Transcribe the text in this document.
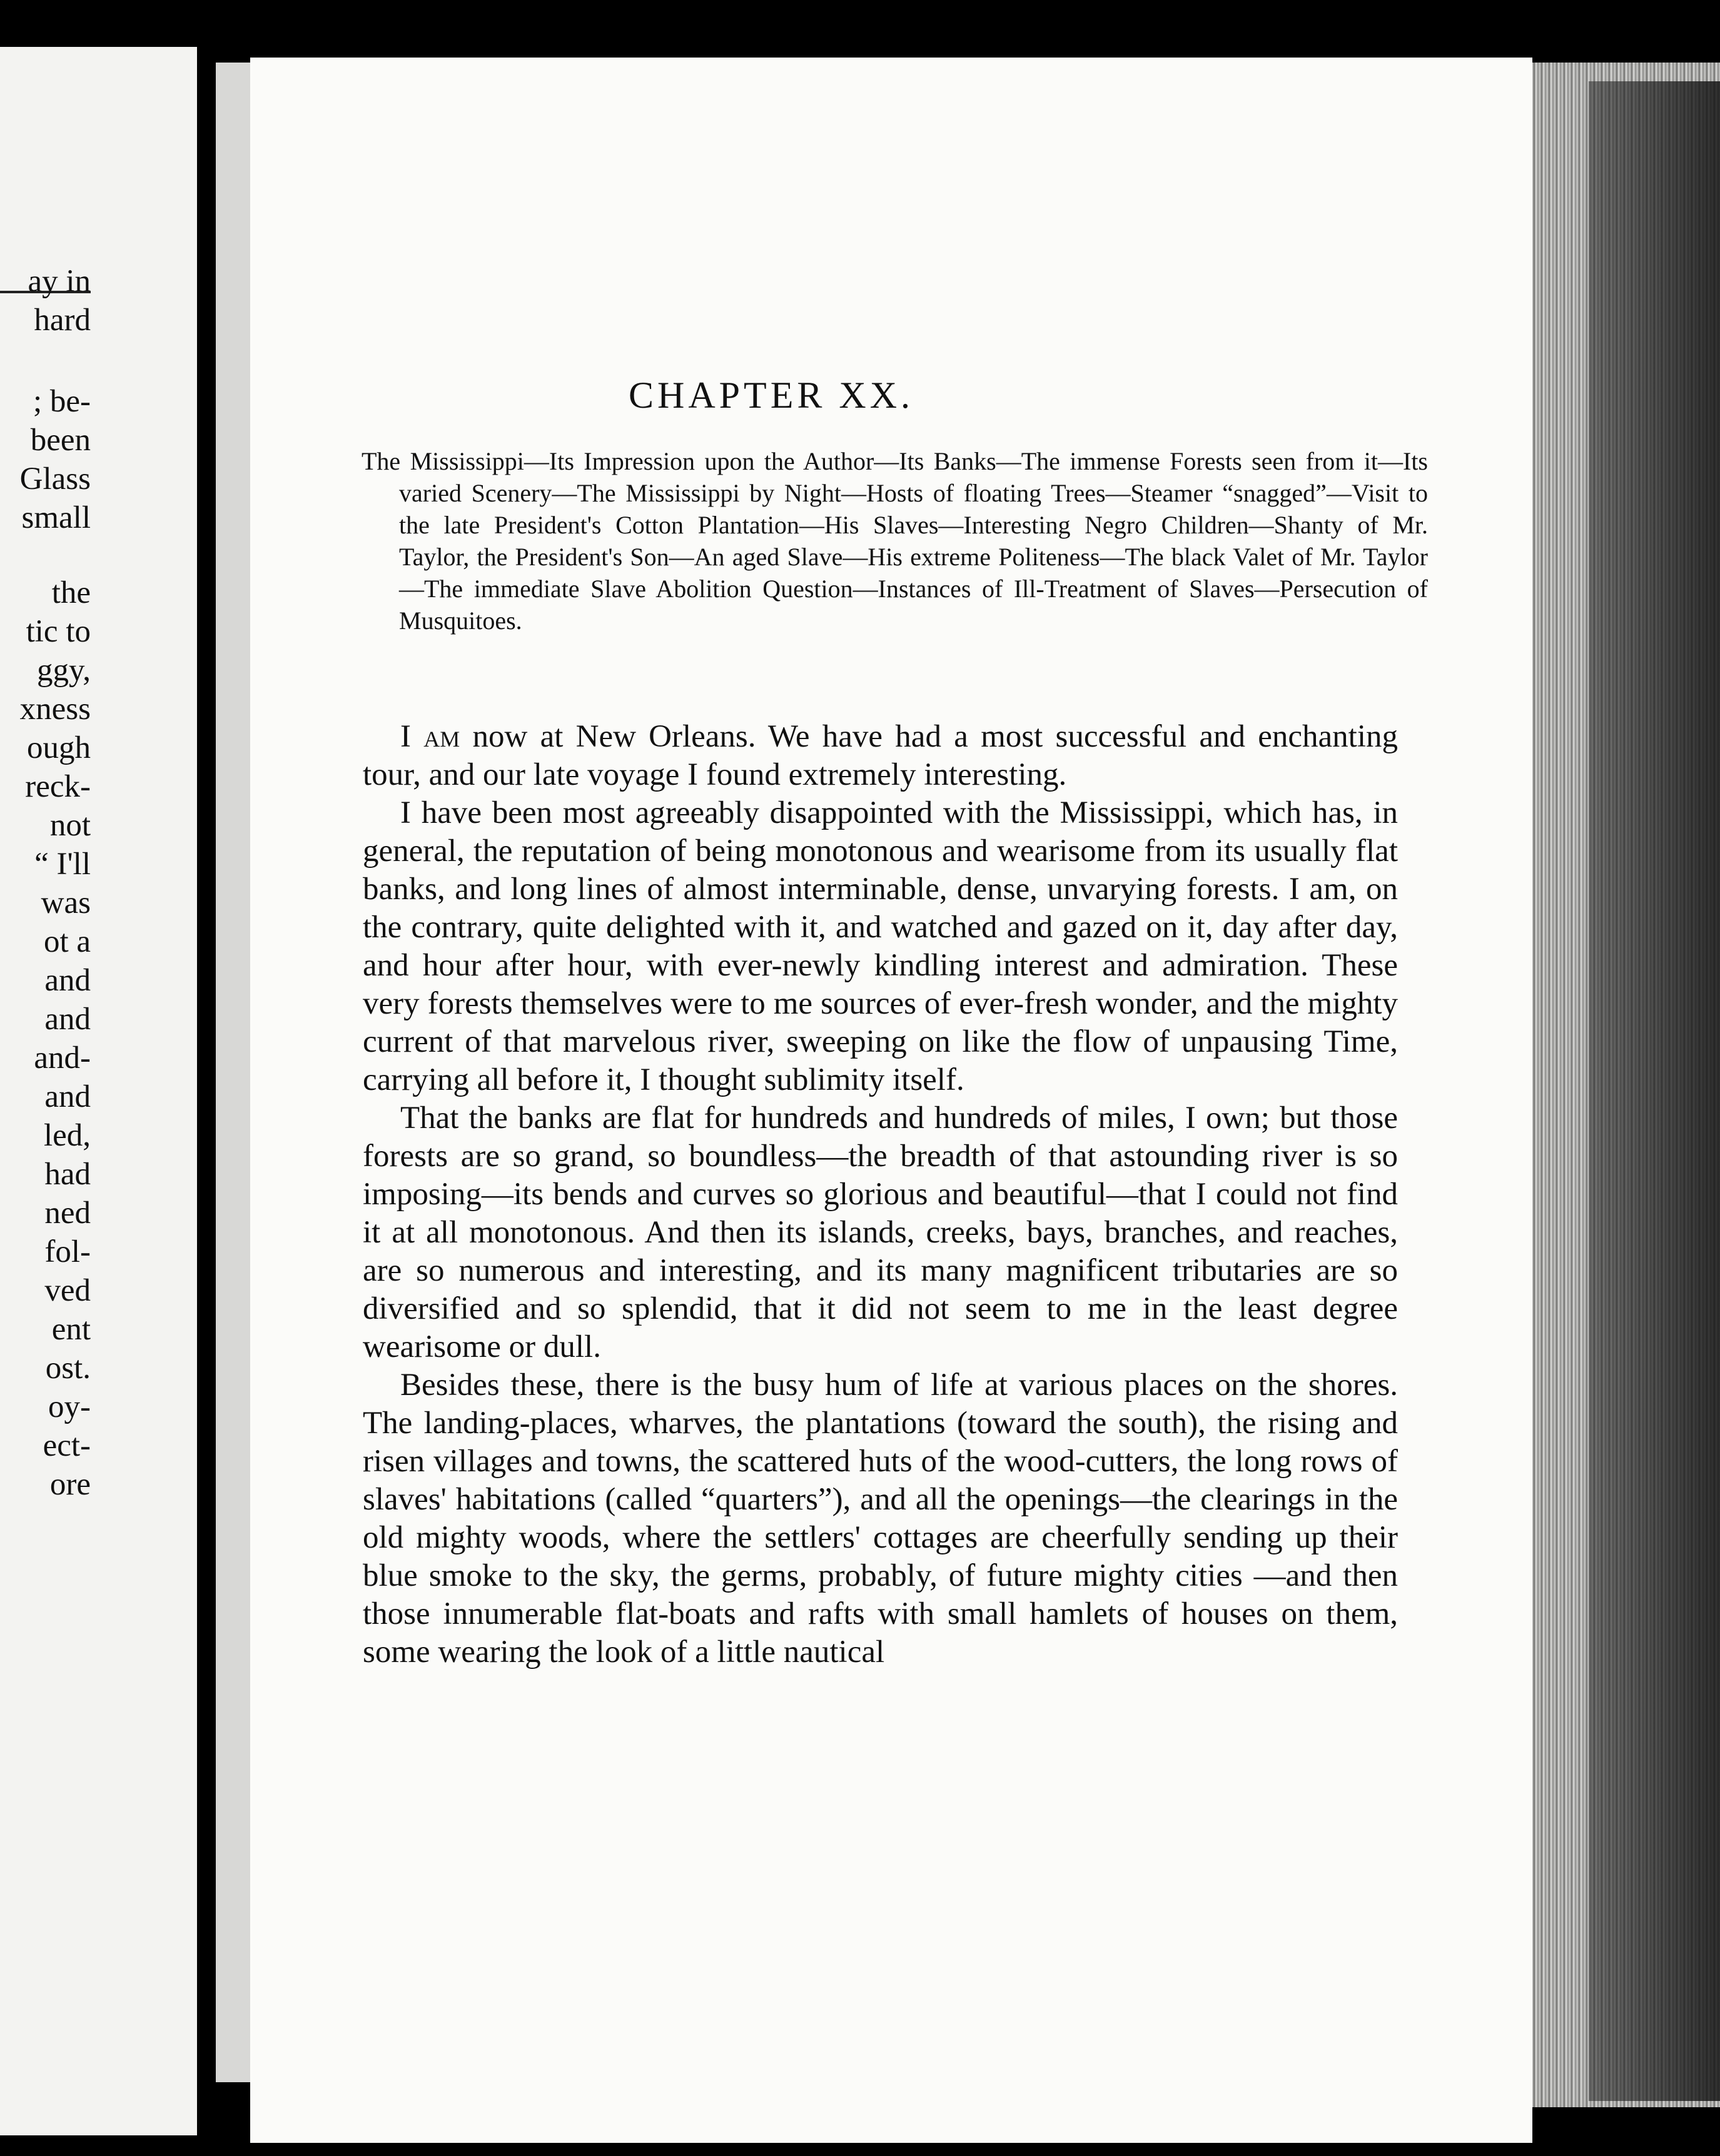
ay in
hard
; be-
been
Glass
small
the
tic to
ggy,
xness
ough
reck-
not
“ I'll
was
ot a
and
and
and-
and
led,
had
ned
fol-
ved
ent
ost.
oy-
ect-
ore
CHAPTER XX.
The Mississippi—Its Impression upon the Author—Its Banks—The immense Forests seen from it—Its varied Scenery—The Mississippi by Night—Hosts of floating Trees—Steamer “snagged”—Visit to the late President's Cotton Plantation—His Slaves—Interesting Negro Children—Shanty of Mr. Taylor, the President's Son—An aged Slave—His extreme Politeness—The black Valet of Mr. Taylor—The immediate Slave Abolition Question—Instances of Ill-Treatment of Slaves—Persecution of Musquitoes.

I am now at New Orleans. We have had a most successful and enchanting tour, and our late voyage I found extremely interesting.

I have been most agreeably disappointed with the Mississippi, which has, in general, the reputation of being monotonous and wearisome from its usually flat banks, and long lines of almost interminable, dense, unvarying forests. I am, on the contrary, quite delighted with it, and watched and gazed on it, day after day, and hour after hour, with ever-newly kindling interest and admiration. These very forests themselves were to me sources of ever-fresh wonder, and the mighty current of that marvelous river, sweeping on like the flow of unpausing Time, carrying all before it, I thought sublimity itself.

That the banks are flat for hundreds and hundreds of miles, I own; but those forests are so grand, so boundless—the breadth of that astounding river is so imposing—its bends and curves so glorious and beautiful—that I could not find it at all monotonous. And then its islands, creeks, bays, branches, and reaches, are so numerous and interesting, and its many magnificent tributaries are so diversified and so splendid, that it did not seem to me in the least degree wearisome or dull.

Besides these, there is the busy hum of life at various places on the shores. The landing-places, wharves, the plantations (toward the south), the rising and risen villages and towns, the scattered huts of the wood-cutters, the long rows of slaves' habitations (called “quarters”), and all the openings—the clearings in the old mighty woods, where the settlers' cottages are cheerfully sending up their blue smoke to the sky, the germs, probably, of future mighty cities —and then those innumerable flat-boats and rafts with small hamlets of houses on them, some wearing the look of a little nautical
